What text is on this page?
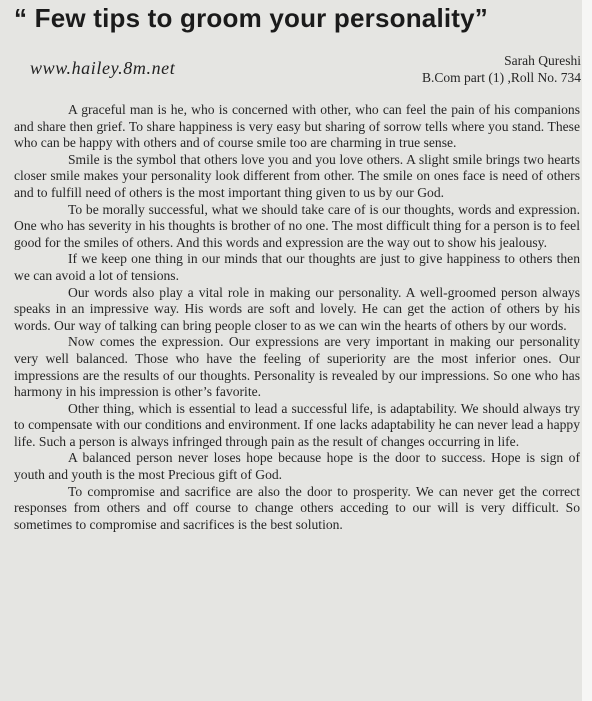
“ Few tips to groom your personality”
www.hailey.8m.net	Sarah Qureshi
B.Com part (1) ,Roll No. 734

A graceful man is he, who is concerned with other, who can feel the pain of his companions and share then grief. To share happiness is very easy but sharing of sorrow tells where you stand. These who can be happy with others and of course smile too are charming in true sense.

Smile is the symbol that others love you and you love others. A slight smile brings two hearts closer smile makes your personality look different from other. The smile on ones face is need of others and to fulfill need of others is the most important thing given to us by our God.

To be morally successful, what we should take care of is our thoughts, words and expression. One who has severity in his thoughts is brother of no one. The most difficult thing for a person is to feel good for the smiles of others. And this words and expression are the way out to show his jealousy.

If we keep one thing in our minds that our thoughts are just to give happiness to others then we can avoid a lot of tensions.

Our words also play a vital role in making our personality. A well-groomed person always speaks in an impressive way. His words are soft and lovely. He can get the action of others by his words. Our way of talking can bring people closer to as we can win the hearts of others by our words.

Now comes the expression. Our expressions are very important in making our personality very well balanced. Those who have the feeling of superiority are the most inferior ones. Our impressions are the results of our thoughts. Personality is revealed by our impressions. So one who has harmony in his impression is other’s favorite.

Other thing, which is essential to lead a successful life, is adaptability. We should always try to compensate with our conditions and environment. If one lacks adaptability he can never lead a happy life. Such a person is always infringed through pain as the result of changes occurring in life.

A balanced person never loses hope because hope is the door to success. Hope is sign of youth and youth is the most Precious gift of God.

To compromise and sacrifice are also the door to prosperity. We can never get the correct responses from others and off course to change others acceding to our will is very difficult. So sometimes to compromise and sacrifices is the best solution.
